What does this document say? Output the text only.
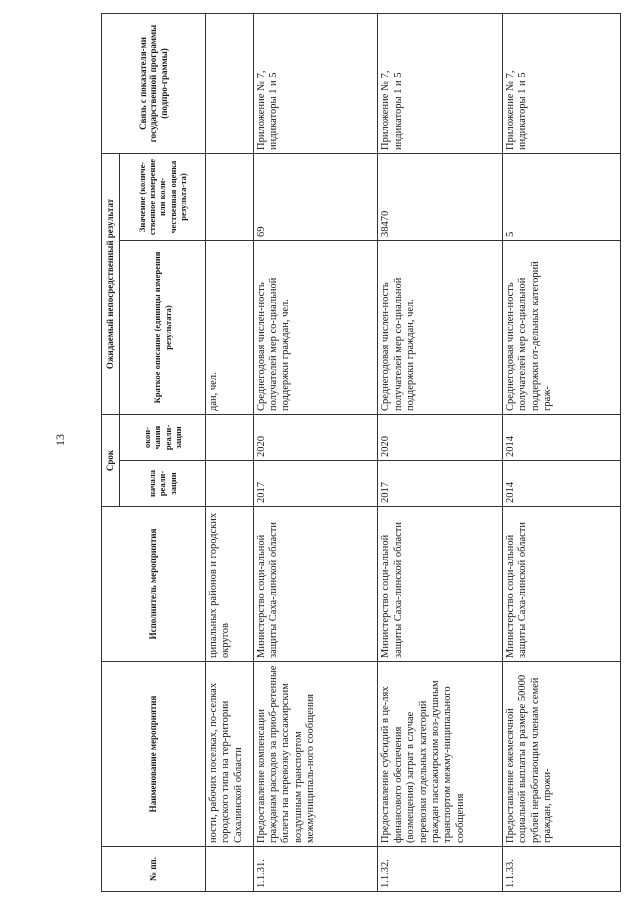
13
№ пп.	Наименование мероприятия	Исполнитель мероприятия	Срок		Ожидаемый непосредственный результат		Связь с показателя-ми государственной программы (подпро-граммы)
			начала реали-зации	окон-чания реали-зации	Краткое описание (единицы измерения результата)	Значение (количе-ственное измерение или коли-чественная оценка результа-та)	
	ности, рабочих поселках, по-селках городского типа на тер-ритории Сахалинской области	ципальных районов и городских округов			дан, чел.		
1.1.31.	Предоставление компенсации гражданам расходов за приоб-ретенные билеты на перевозку пассажирским воздушным транспортом межмуниципаль-ного сообщения	Министерство соци-альной защиты Саха-линской области	2017	2020	Среднегодовая числен-ность получателей мер со-циальной поддержки граждан, чел.	69	Приложение № 7, индикаторы 1 и 5
1.1.32.	Предоставление субсидий в це-лях финансового обеспечения (возмещения) затрат в случае перевозки отдельных категорий граждан пассажирским воз-душным транспортом межму-ниципального сообщения	Министерство соци-альной защиты Саха-линской области	2017	2020	Среднегодовая числен-ность получателей мер со-циальной поддержки граждан, чел.	38470	Приложение № 7, индикаторы 1 и 5
1.1.33.	Предоставление ежемесячной социальной выплаты в размере 50000 рублей неработающим членам семей граждан, прожи-	Министерство соци-альной защиты Саха-линской области	2014	2014	Среднегодовая числен-ность получателей мер со-циальной поддержки от-дельных категорий граж-	5	Приложение № 7, индикаторы 1 и 5
